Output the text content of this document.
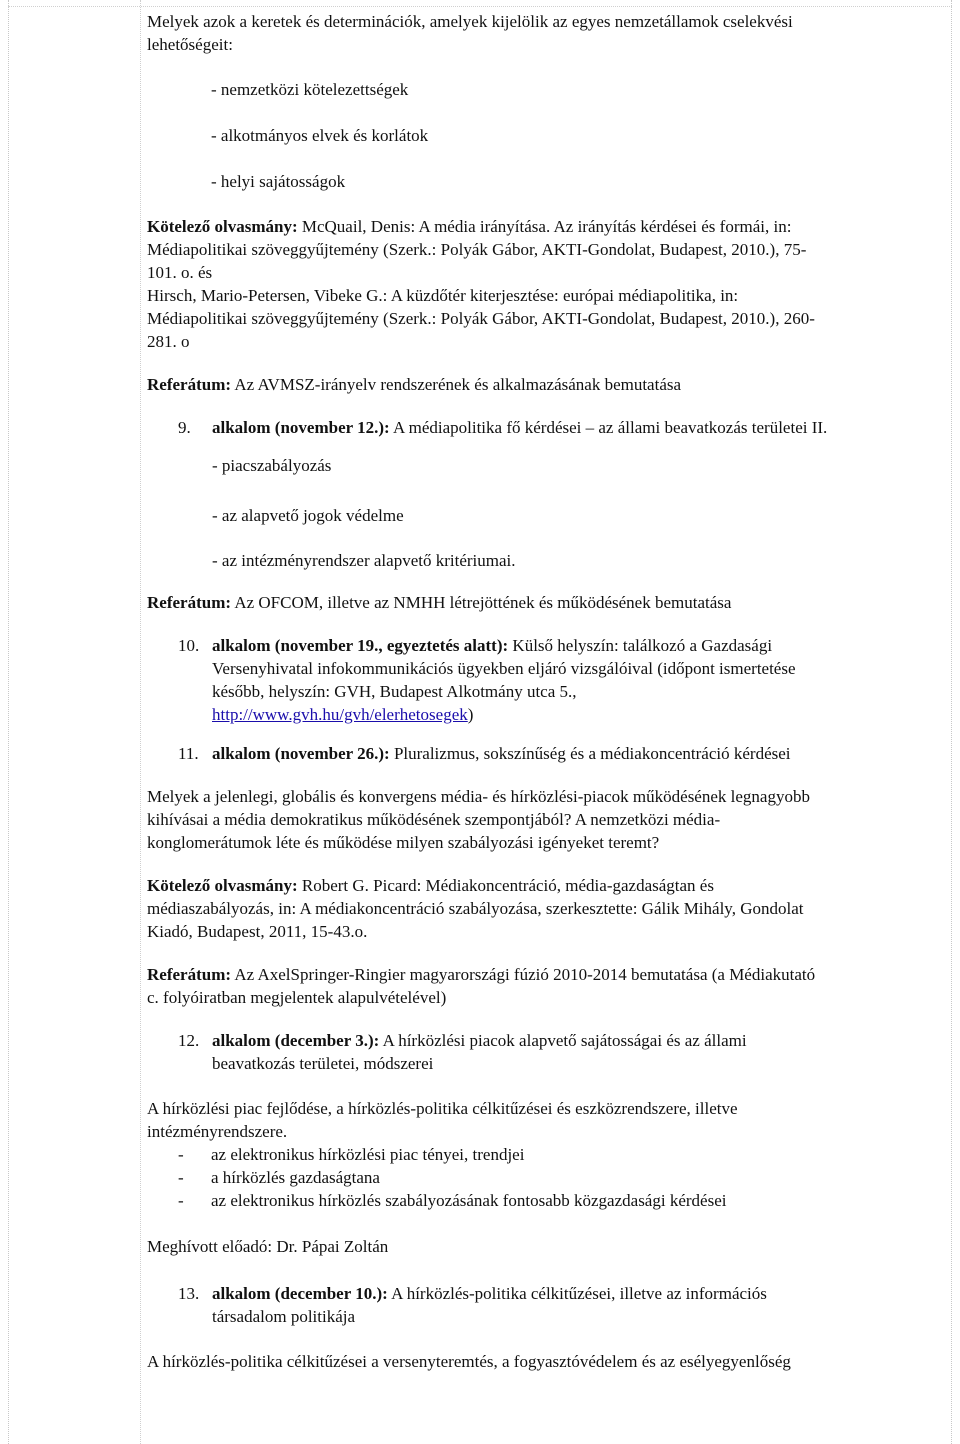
Melyek azok a keretek és determinációk, amelyek kijelölik az egyes nemzetállamok cselekvési
lehetőségeit:

- nemzetközi kötelezettségek
- alkotmányos elvek és korlátok
- helyi sajátosságok

Kötelező olvasmány: McQuail, Denis: A média irányítása. Az irányítás kérdései és formái, in:
Médiapolitikai szöveggyűjtemény (Szerk.: Polyák Gábor, AKTI-Gondolat, Budapest, 2010.), 75-
101. o. és
Hirsch, Mario-Petersen, Vibeke G.: A küzdőtér kiterjesztése: európai médiapolitika, in:
Médiapolitikai szöveggyűjtemény (Szerk.: Polyák Gábor, AKTI-Gondolat, Budapest, 2010.), 260-
281. o

Referátum: Az AVMSZ-irányelv rendszerének és alkalmazásának bemutatása

9.	alkalom (november 12.): A médiapolitika fő kérdései – az állami beavatkozás területei II.
- piacszabályozás
- az alapvető jogok védelme
- az intézményrendszer alapvető kritériumai.

Referátum: Az OFCOM, illetve az NMHH létrejöttének és működésének bemutatása

10. alkalom (november 19., egyeztetés alatt): Külső helyszín: találkozó a Gazdasági
Versenyhivatal infokommunikációs ügyekben eljáró vizsgálóival (időpont ismertetése
később, helyszín: GVH, Budapest Alkotmány utca 5.,
http://www.gvh.hu/gvh/elerhetosegek)
11. alkalom (november 26.): Pluralizmus, sokszínűség és a médiakoncentráció kérdései

Melyek a jelenlegi, globális és konvergens média- és hírközlési-piacok működésének legnagyobb
kihívásai a média demokratikus működésének szempontjából? A nemzetközi média-
konglomerátumok léte és működése milyen szabályozási igényeket teremt?

Kötelező olvasmány: Robert G. Picard: Médiakoncentráció, média-gazdaságtan és
médiaszabályozás, in: A médiakoncentráció szabályozása, szerkesztette: Gálik Mihály, Gondolat
Kiadó, Budapest, 2011, 15-43.o.

Referátum: Az AxelSpringer-Ringier magyarországi fúzió 2010-2014 bemutatása (a Médiakutató
c. folyóiratban megjelentek alapulvételével)

12. alkalom (december 3.): A hírközlési piacok alapvető sajátosságai és az állami
beavatkozás területei, módszerei

A hírközlési piac fejlődése, a hírközlés-politika célkitűzései és eszközrendszere, illetve
intézményrendszere.

-	az elektronikus hírközlési piac tényei, trendjei
-	a hírközlés gazdaságtana
-	az elektronikus hírközlés szabályozásának fontosabb közgazdasági kérdései

Meghívott előadó: Dr. Pápai Zoltán

13. alkalom (december 10.): A hírközlés-politika célkitűzései, illetve az információs
társadalom politikája

A hírközlés-politika célkitűzései a versenyteremtés, a fogyasztóvédelem és az esélyegyenlőség
